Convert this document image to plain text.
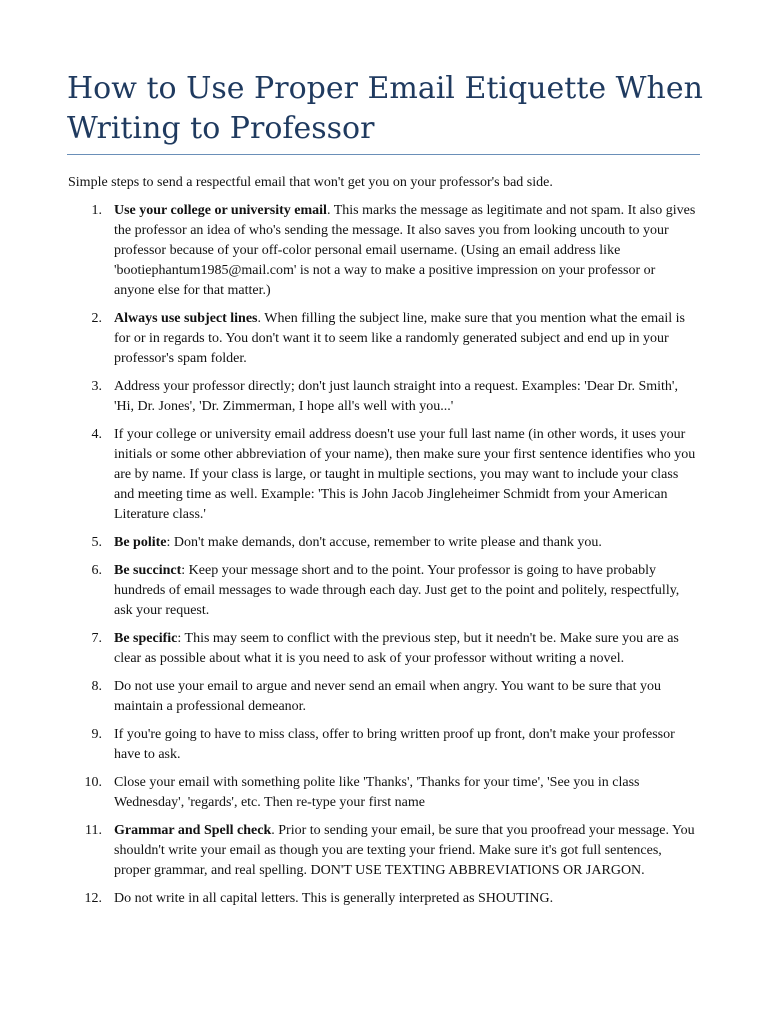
How to Use Proper Email Etiquette When Writing to Professor

Simple steps to send a respectful email that won't get you on your professor's bad side.

1. Use your college or university email. This marks the message as legitimate and not spam. It also gives the professor an idea of who's sending the message. It also saves you from looking uncouth to your professor because of your off-color personal email username. (Using an email address like 'bootiephantum1985@mail.com' is not a way to make a positive impression on your professor or anyone else for that matter.)
2. Always use subject lines. When filling the subject line, make sure that you mention what the email is for or in regards to. You don't want it to seem like a randomly generated subject and end up in your professor's spam folder.
3. Address your professor directly; don't just launch straight into a request. Examples: 'Dear Dr. Smith', 'Hi, Dr. Jones', 'Dr. Zimmerman, I hope all's well with you...'
4. If your college or university email address doesn't use your full last name (in other words, it uses your initials or some other abbreviation of your name), then make sure your first sentence identifies who you are by name. If your class is large, or taught in multiple sections, you may want to include your class and meeting time as well. Example: 'This is John Jacob Jingleheimer Schmidt from your American Literature class.'
5. Be polite: Don't make demands, don't accuse, remember to write please and thank you.
6. Be succinct: Keep your message short and to the point. Your professor is going to have probably hundreds of email messages to wade through each day. Just get to the point and politely, respectfully, ask your request.
7. Be specific: This may seem to conflict with the previous step, but it needn't be. Make sure you are as clear as possible about what it is you need to ask of your professor without writing a novel.
8. Do not use your email to argue and never send an email when angry. You want to be sure that you maintain a professional demeanor.
9. If you're going to have to miss class, offer to bring written proof up front, don't make your professor have to ask.
10. Close your email with something polite like 'Thanks', 'Thanks for your time', 'See you in class Wednesday', 'regards', etc. Then re-type your first name
11. Grammar and Spell check. Prior to sending your email, be sure that you proofread your message. You shouldn't write your email as though you are texting your friend. Make sure it's got full sentences, proper grammar, and real spelling. DON'T USE TEXTING ABBREVIATIONS OR JARGON.
12. Do not write in all capital letters. This is generally interpreted as SHOUTING.
